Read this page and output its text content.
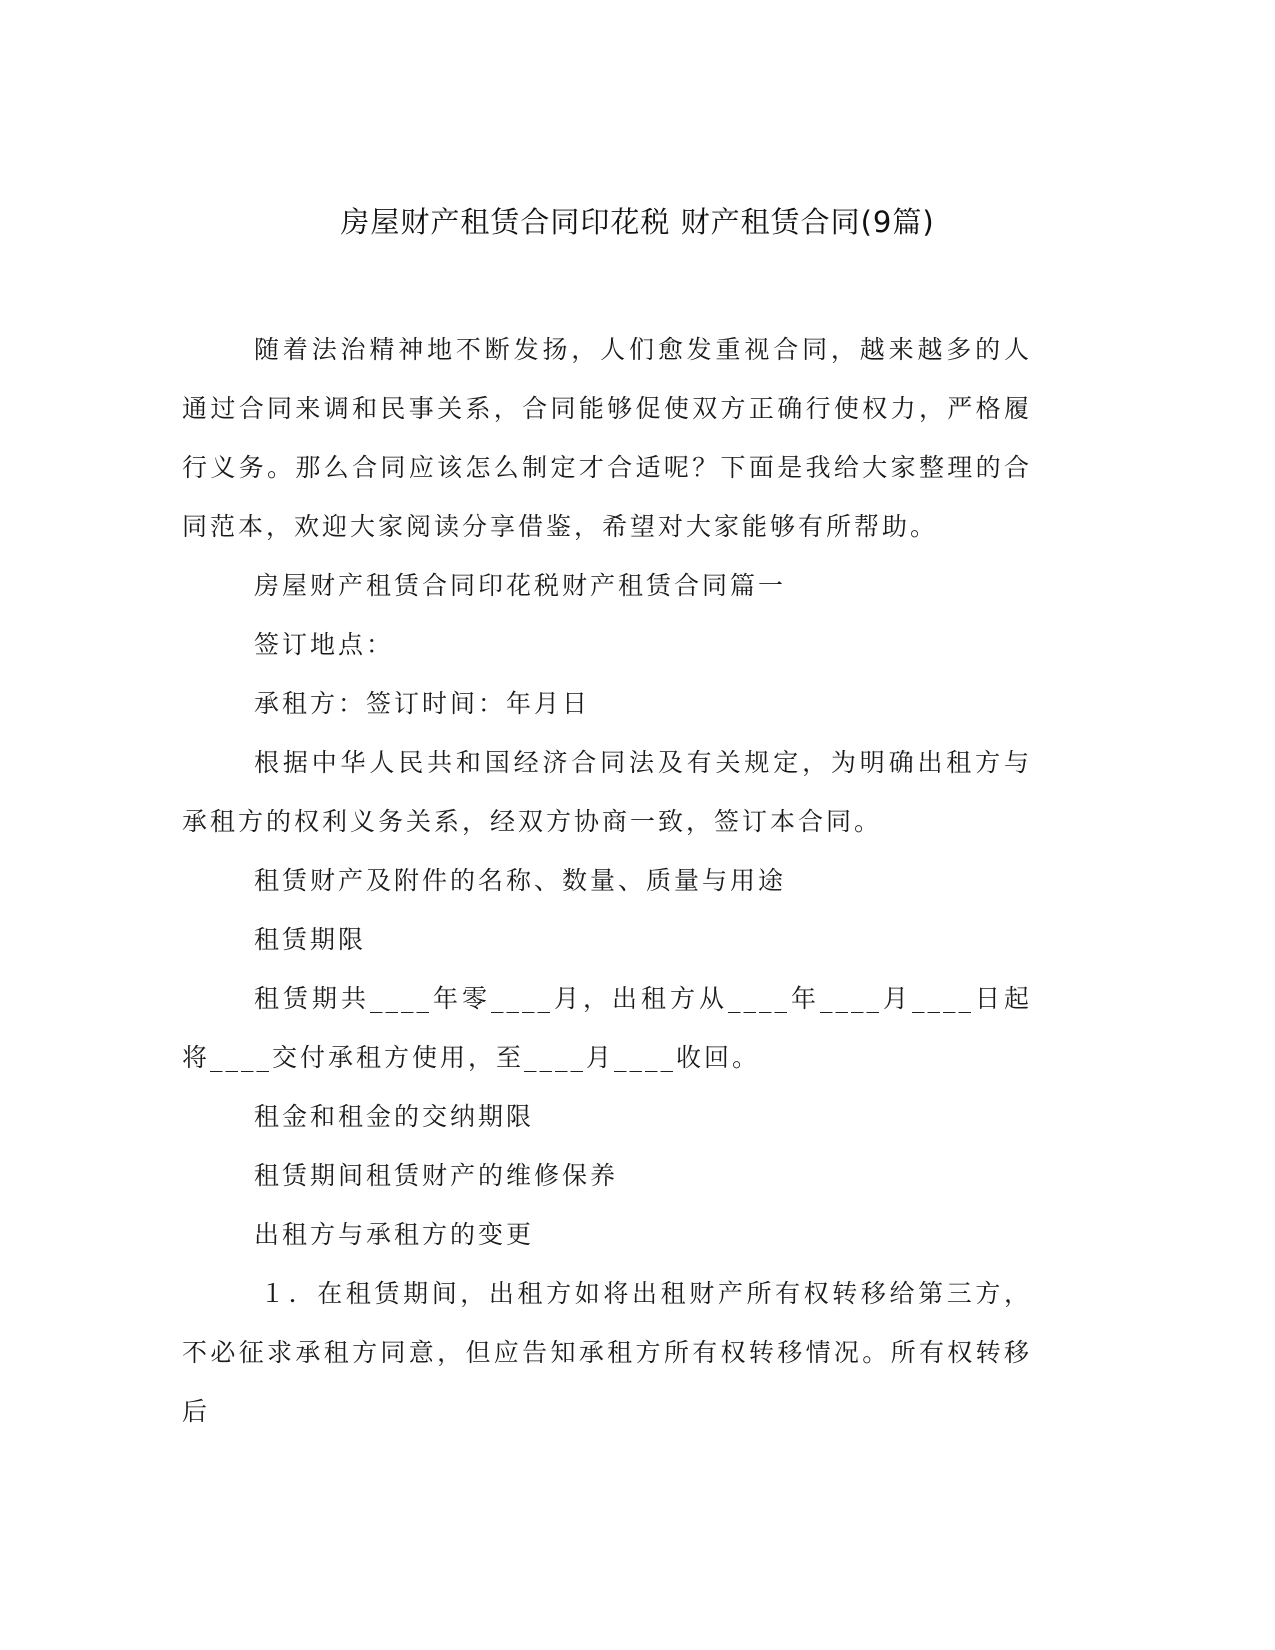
房屋财产租赁合同印花税 财产租赁合同(9篇)

随着法治精神地不断发扬，人们愈发重视合同，越来越多的人通过合同来调和民事关系，合同能够促使双方正确行使权力，严格履行义务。那么合同应该怎么制定才合适呢？下面是我给大家整理的合同范本，欢迎大家阅读分享借鉴，希望对大家能够有所帮助。

房屋财产租赁合同印花税财产租赁合同篇一

签订地点：

承租方：签订时间：年月日

根据中华人民共和国经济合同法及有关规定，为明确出租方与承租方的权利义务关系，经双方协商一致，签订本合同。

租赁财产及附件的名称、数量、质量与用途

租赁期限

租赁期共____年零____月，出租方从____年____月____日起将____交付承租方使用，至____月____收回。

租金和租金的交纳期限

租赁期间租赁财产的维修保养

出租方与承租方的变更

１．在租赁期间，出租方如将出租财产所有权转移给第三方，不必征求承租方同意，但应告知承租方所有权转移情况。所有权转移后
